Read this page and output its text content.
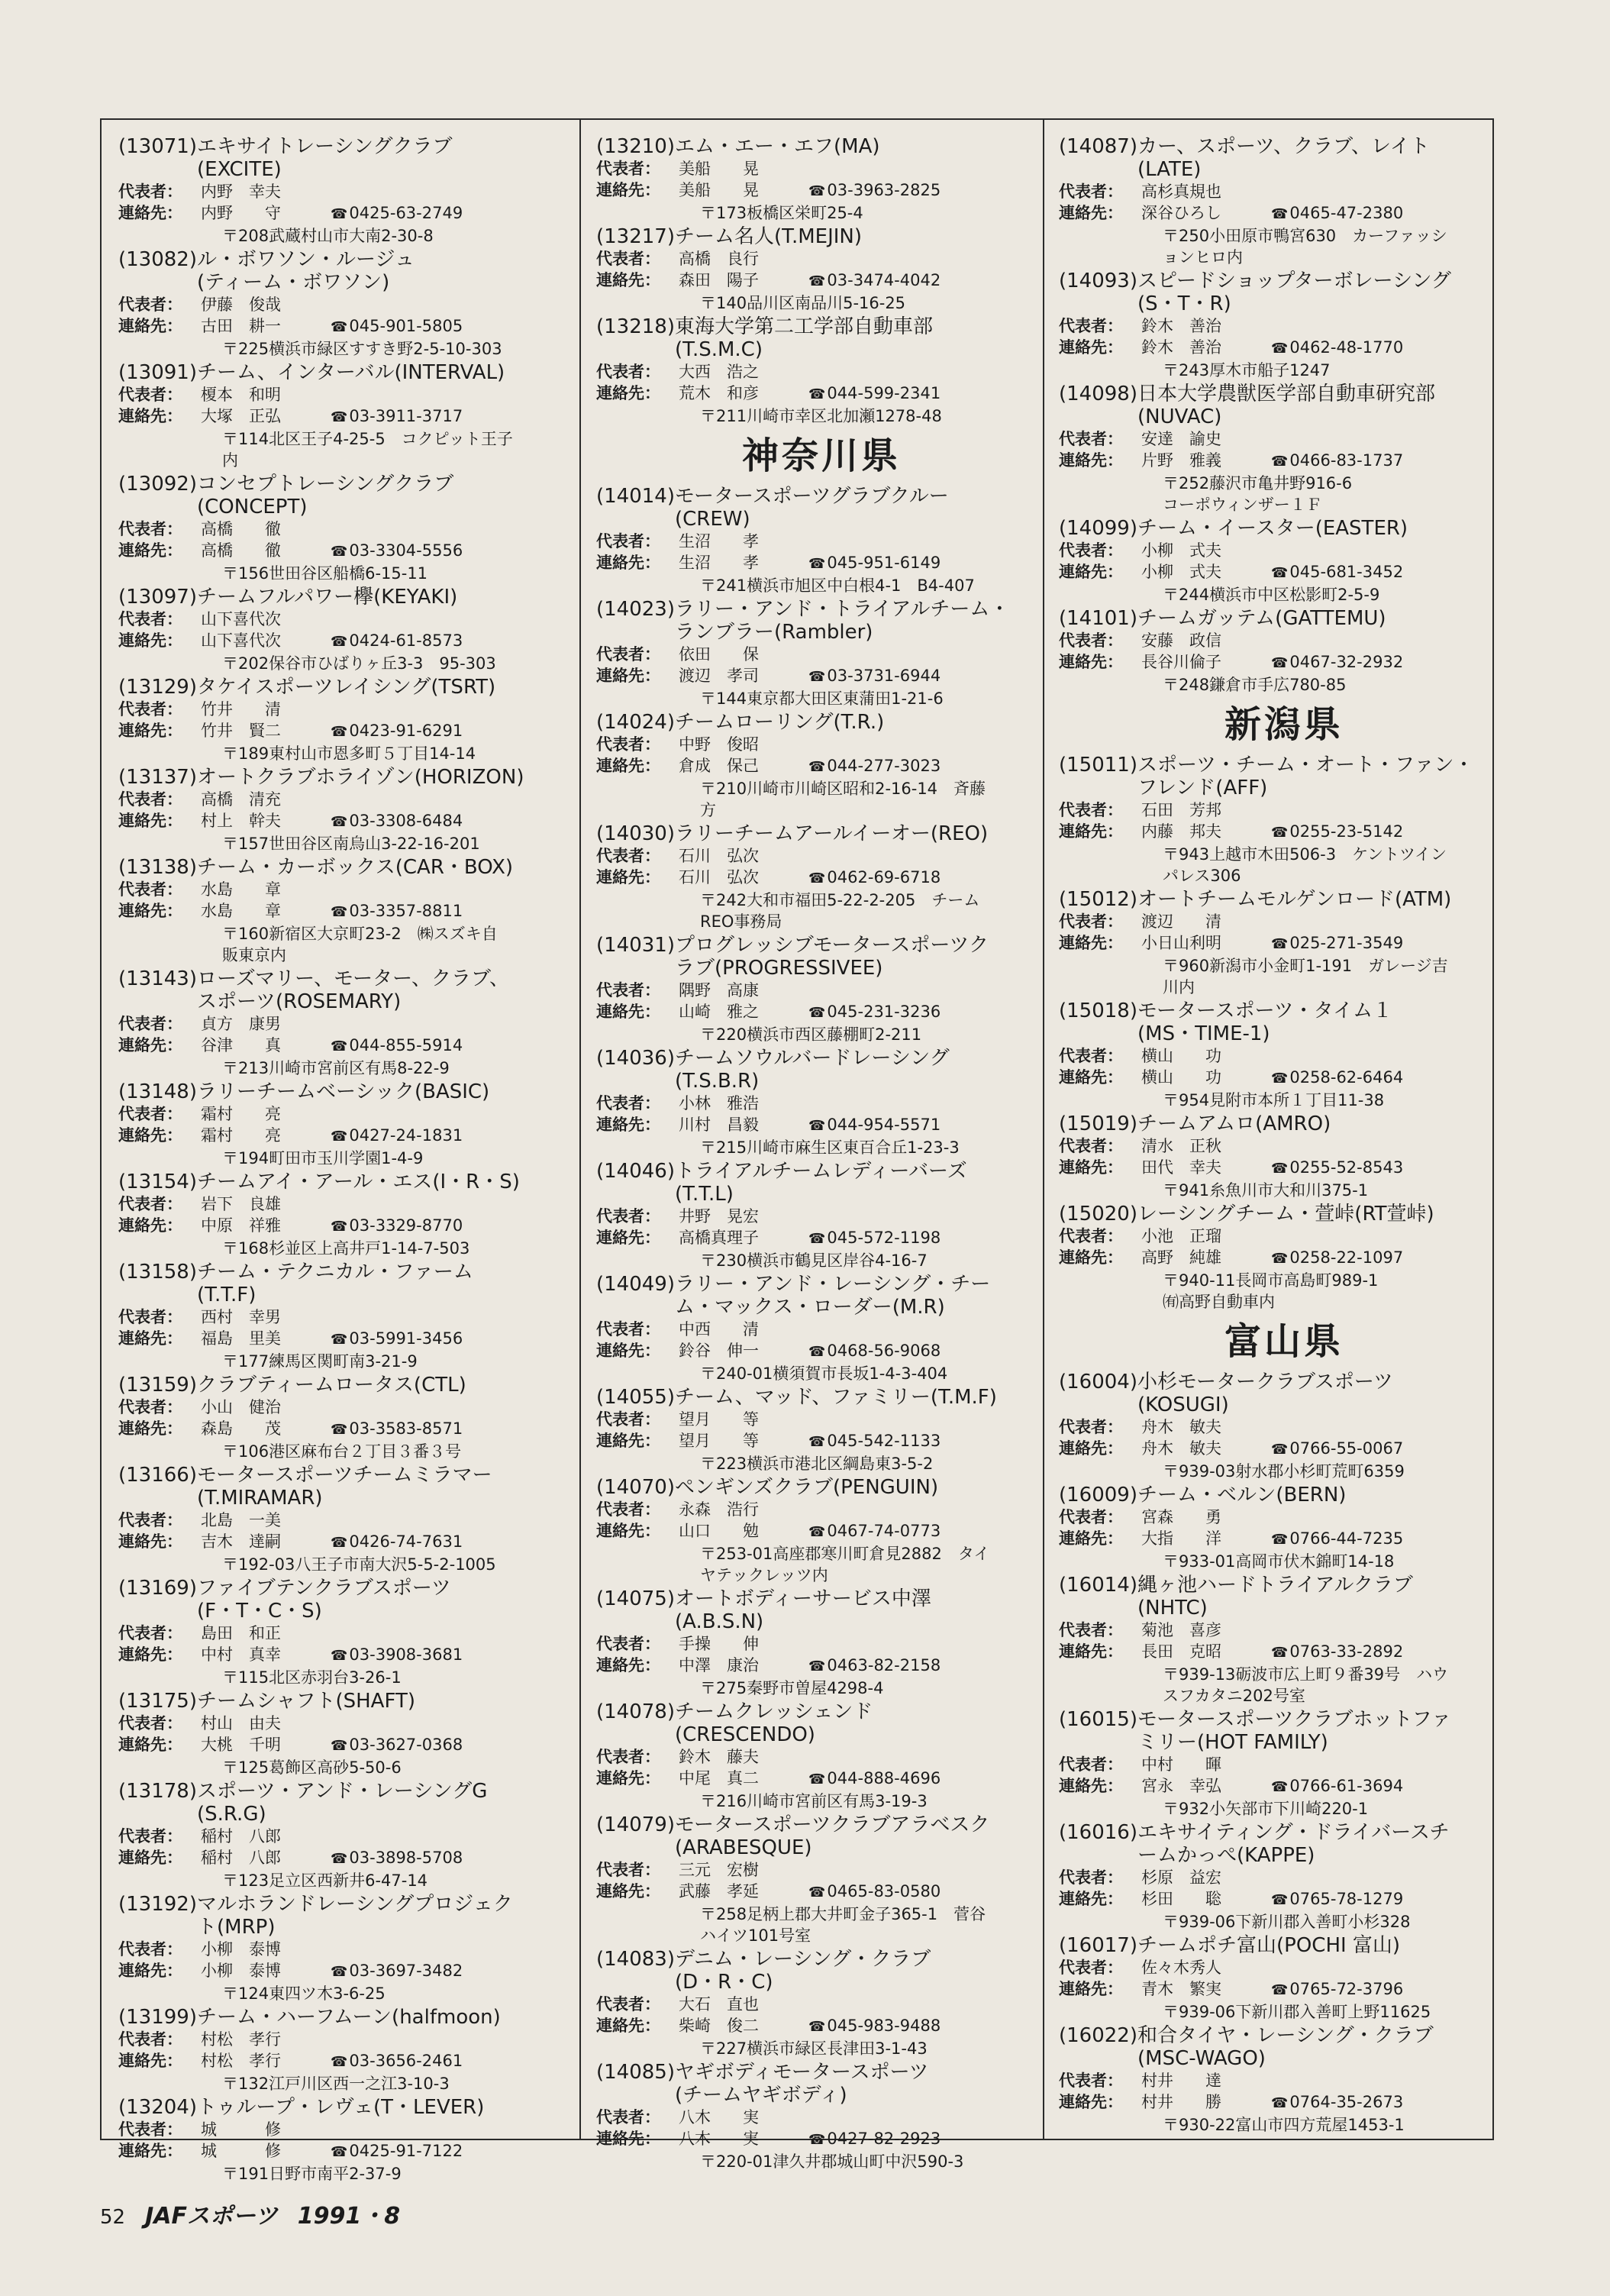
(13071) エキサイトレーシングクラブ
(EXCITE)
代表者：	内野　幸夫
連絡先：	内野　　守	☎ 0425-63-2749
〒208武蔵村山市大南2-30-8
(13082) ル・ボワソン・ルージュ
(ティーム・ボワソン)
代表者：	伊藤　俊哉
連絡先：	古田　耕一	☎ 045-901-5805
〒225横浜市緑区すすき野2-5-10-303
(13091) チーム、インターバル(INTERVAL)
代表者：	榎本　和明
連絡先：	大塚　正弘	☎ 03-3911-3717
〒114北区王子4-25-5　コクピット王子
内
(13092) コンセプトレーシングクラブ
(CONCEPT)
代表者：	高橋　　徹
連絡先：	高橋　　徹	☎ 03-3304-5556
〒156世田谷区船橋6-15-11
(13097) チームフルパワー欅(KEYAKI)
代表者：	山下喜代次
連絡先：	山下喜代次	☎ 0424-61-8573
〒202保谷市ひばりヶ丘3-3　95-303
(13129) タケイスポーツレイシング(TSRT)
代表者：	竹井　　清
連絡先：	竹井　賢二	☎ 0423-91-6291
〒189東村山市恩多町５丁目14-14
(13137) オートクラブホライゾン(HORIZON)
代表者：	高橋　清充
連絡先：	村上　幹夫	☎ 03-3308-6484
〒157世田谷区南烏山3-22-16-201
(13138) チーム・カーボックス(CAR・BOX)
代表者：	水島　　章
連絡先：	水島　　章	☎ 03-3357-8811
〒160新宿区大京町23-2　㈱スズキ自
販東京内
(13143) ローズマリー、モーター、クラブ、
スポーツ(ROSEMARY)
代表者：	貞方　康男
連絡先：	谷津　　真	☎ 044-855-5914
〒213川崎市宮前区有馬8-22-9
(13148) ラリーチームベーシック(BASIC)
代表者：	霜村　　亮
連絡先：	霜村　　亮	☎ 0427-24-1831
〒194町田市玉川学園1-4-9
(13154) チームアイ・アール・エス(I・R・S)
代表者：	岩下　良雄
連絡先：	中原　祥雅	☎ 03-3329-8770
〒168杉並区上高井戸1-14-7-503
(13158) チーム・テクニカル・ファーム
(T.T.F)
代表者：	西村　幸男
連絡先：	福島　里美	☎ 03-5991-3456
〒177練馬区関町南3-21-9
(13159) クラブティームロータス(CTL)
代表者：	小山　健治
連絡先：	森島　　茂	☎ 03-3583-8571
〒106港区麻布台２丁目３番３号
(13166) モータースポーツチームミラマー
(T.MIRAMAR)
代表者：	北島　一美
連絡先：	吉木　達嗣	☎ 0426-74-7631
〒192-03八王子市南大沢5-5-2-1005
(13169) ファイブテンクラブスポーツ
(F・T・C・S)
代表者：	島田　和正
連絡先：	中村　真幸	☎ 03-3908-3681
〒115北区赤羽台3-26-1
(13175) チームシャフト(SHAFT)
代表者：	村山　由夫
連絡先：	大桃　千明	☎ 03-3627-0368
〒125葛飾区高砂5-50-6
(13178) スポーツ・アンド・レーシングG
(S.R.G)
代表者：	稲村　八郎
連絡先：	稲村　八郎	☎ 03-3898-5708
〒123足立区西新井6-47-14
(13192) マルホランドレーシングプロジェク
ト(MRP)
代表者：	小柳　泰博
連絡先：	小柳　泰博	☎ 03-3697-3482
〒124東四ツ木3-6-25
(13199) チーム・ハーフムーン(halfmoon)
代表者：	村松　孝行
連絡先：	村松　孝行	☎ 03-3656-2461
〒132江戸川区西一之江3-10-3
(13204) トゥループ・レヴェ(T・LEVER)
代表者：	城　　　修
連絡先：	城　　　修	☎ 0425-91-7122
〒191日野市南平2-37-9
(13210) エム・エー・エフ(MA)
代表者：	美船　　晃
連絡先：	美船　　晃	☎ 03-3963-2825
〒173板橋区栄町25-4
(13217) チーム名人(T.MEJIN)
代表者：	高橋　良行
連絡先：	森田　陽子	☎ 03-3474-4042
〒140品川区南品川5-16-25
(13218) 東海大学第二工学部自動車部
(T.S.M.C)
代表者：	大西　浩之
連絡先：	荒木　和彦	☎ 044-599-2341
〒211川崎市幸区北加瀬1278-48
神奈川県
(14014) モータースポーツグラブクルー
(CREW)
代表者：	生沼　　孝
連絡先：	生沼　　孝	☎ 045-951-6149
〒241横浜市旭区中白根4-1　B4-407
(14023) ラリー・アンド・トライアルチーム・
ランブラー(Rambler)
代表者：	依田　　保
連絡先：	渡辺　孝司	☎ 03-3731-6944
〒144東京都大田区東蒲田1-21-6
(14024) チームローリング(T.R.)
代表者：	中野　俊昭
連絡先：	倉成　保己	☎ 044-277-3023
〒210川崎市川崎区昭和2-16-14　斉藤
方
(14030) ラリーチームアールイーオー(REO)
代表者：	石川　弘次
連絡先：	石川　弘次	☎ 0462-69-6718
〒242大和市福田5-22-2-205　チーム
REO事務局
(14031) プログレッシブモータースポーツク
ラブ(PROGRESSIVEE)
代表者：	隅野　高康
連絡先：	山崎　雅之	☎ 045-231-3236
〒220横浜市西区藤棚町2-211
(14036) チームソウルバードレーシング
(T.S.B.R)
代表者：	小林　雅浩
連絡先：	川村　昌毅	☎ 044-954-5571
〒215川崎市麻生区東百合丘1-23-3
(14046) トライアルチームレディーバーズ
(T.T.L)
代表者：	井野　晃宏
連絡先：	高橋真理子	☎ 045-572-1198
〒230横浜市鶴見区岸谷4-16-7
(14049) ラリー・アンド・レーシング・チー
ム・マックス・ローダー(M.R)
代表者：	中西　　清
連絡先：	鈴谷　伸一	☎ 0468-56-9068
〒240-01横須賀市長坂1-4-3-404
(14055) チーム、マッド、ファミリー(T.M.F)
代表者：	望月　　等
連絡先：	望月　　等	☎ 045-542-1133
〒223横浜市港北区綱島東3-5-2
(14070) ペンギンズクラブ(PENGUIN)
代表者：	永森　浩行
連絡先：	山口　　勉	☎ 0467-74-0773
〒253-01高座郡寒川町倉見2882　タイ
ヤテックレッツ内
(14075) オートボディーサービス中澤
(A.B.S.N)
代表者：	手操　　伸
連絡先：	中澤　康治	☎ 0463-82-2158
〒275秦野市曽屋4298-4
(14078) チームクレッシェンド
(CRESCENDO)
代表者：	鈴木　藤夫
連絡先：	中尾　真二	☎ 044-888-4696
〒216川崎市宮前区有馬3-19-3
(14079) モータースポーツクラブアラベスク
(ARABESQUE)
代表者：	三元　宏樹
連絡先：	武藤　孝延	☎ 0465-83-0580
〒258足柄上郡大井町金子365-1　菅谷
ハイツ101号室
(14083) デニム・レーシング・クラブ
(D・R・C)
代表者：	大石　直也
連絡先：	柴崎　俊二	☎ 045-983-9488
〒227横浜市緑区長津田3-1-43
(14085) ヤギボディモータースポーツ
(チームヤギボディ)
代表者：	八木　　実
連絡先：	八木　　実	☎ 0427-82-2923
〒220-01津久井郡城山町中沢590-3
(14087) カー、スポーツ、クラブ、レイト
(LATE)
代表者：	高杉真規也
連絡先：	深谷ひろし	☎ 0465-47-2380
〒250小田原市鴨宮630　カーファッシ
ョンヒロ内
(14093) スピードショップターボレーシング
(S・T・R)
代表者：	鈴木　善治
連絡先：	鈴木　善治	☎ 0462-48-1770
〒243厚木市船子1247
(14098) 日本大学農獣医学部自動車研究部
(NUVAC)
代表者：	安達　諭史
連絡先：	片野　雅義	☎ 0466-83-1737
〒252藤沢市亀井野916-6
コーポウィンザー１Ｆ
(14099) チーム・イースター(EASTER)
代表者：	小柳　式夫
連絡先：	小柳　式夫	☎ 045-681-3452
〒244横浜市中区松影町2-5-9
(14101) チームガッテム(GATTEMU)
代表者：	安藤　政信
連絡先：	長谷川倫子	☎ 0467-32-2932
〒248鎌倉市手広780-85
新潟県
(15011) スポーツ・チーム・オート・ファン・
フレンド(AFF)
代表者：	石田　芳邦
連絡先：	内藤　邦夫	☎ 0255-23-5142
〒943上越市木田506-3　ケントツイン
パレス306
(15012) オートチームモルゲンロード(ATM)
代表者：	渡辺　　清
連絡先：	小日山利明	☎ 025-271-3549
〒960新潟市小金町1-191　ガレージ吉
川内
(15018) モータースポーツ・タイム１
(MS・TIME-1)
代表者：	横山　　功
連絡先：	横山　　功	☎ 0258-62-6464
〒954見附市本所１丁目11-38
(15019) チームアムロ(AMRO)
代表者：	清水　正秋
連絡先：	田代　幸夫	☎ 0255-52-8543
〒941糸魚川市大和川375-1
(15020) レーシングチーム・萱峠(RT萱峠)
代表者：	小池　正瑠
連絡先：	高野　純雄	☎ 0258-22-1097
〒940-11長岡市高島町989-1
㈲高野自動車内
富山県
(16004) 小杉モータークラブスポーツ
(KOSUGI)
代表者：	舟木　敏夫
連絡先：	舟木　敏夫	☎ 0766-55-0067
〒939-03射水郡小杉町荒町6359
(16009) チーム・ベルン(BERN)
代表者：	宮森　　勇
連絡先：	大指　　洋	☎ 0766-44-7235
〒933-01高岡市伏木錦町14-18
(16014) 縄ヶ池ハードトライアルクラブ
(NHTC)
代表者：	菊池　喜彦
連絡先：	長田　克昭	☎ 0763-33-2892
〒939-13砺波市広上町９番39号　ハウ
スフカタニ202号室
(16015) モータースポーツクラブホットファ
ミリー(HOT FAMILY)
代表者：	中村　　暉
連絡先：	宮永　幸弘	☎ 0766-61-3694
〒932小矢部市下川崎220-1
(16016) エキサイティング・ドライバースチ
ームかっぺ(KAPPE)
代表者：	杉原　益宏
連絡先：	杉田　　聡	☎ 0765-78-1279
〒939-06下新川郡入善町小杉328
(16017) チームポチ富山(POCHI 富山)
代表者：	佐々木秀人
連絡先：	青木　繁実	☎ 0765-72-3796
〒939-06下新川郡入善町上野11625
(16022) 和合タイヤ・レーシング・クラブ
(MSC-WAGO)
代表者：	村井　　達
連絡先：	村井　　勝	☎ 0764-35-2673
〒930-22富山市四方荒屋1453-1
52 JAFスポーツ 1991・8
